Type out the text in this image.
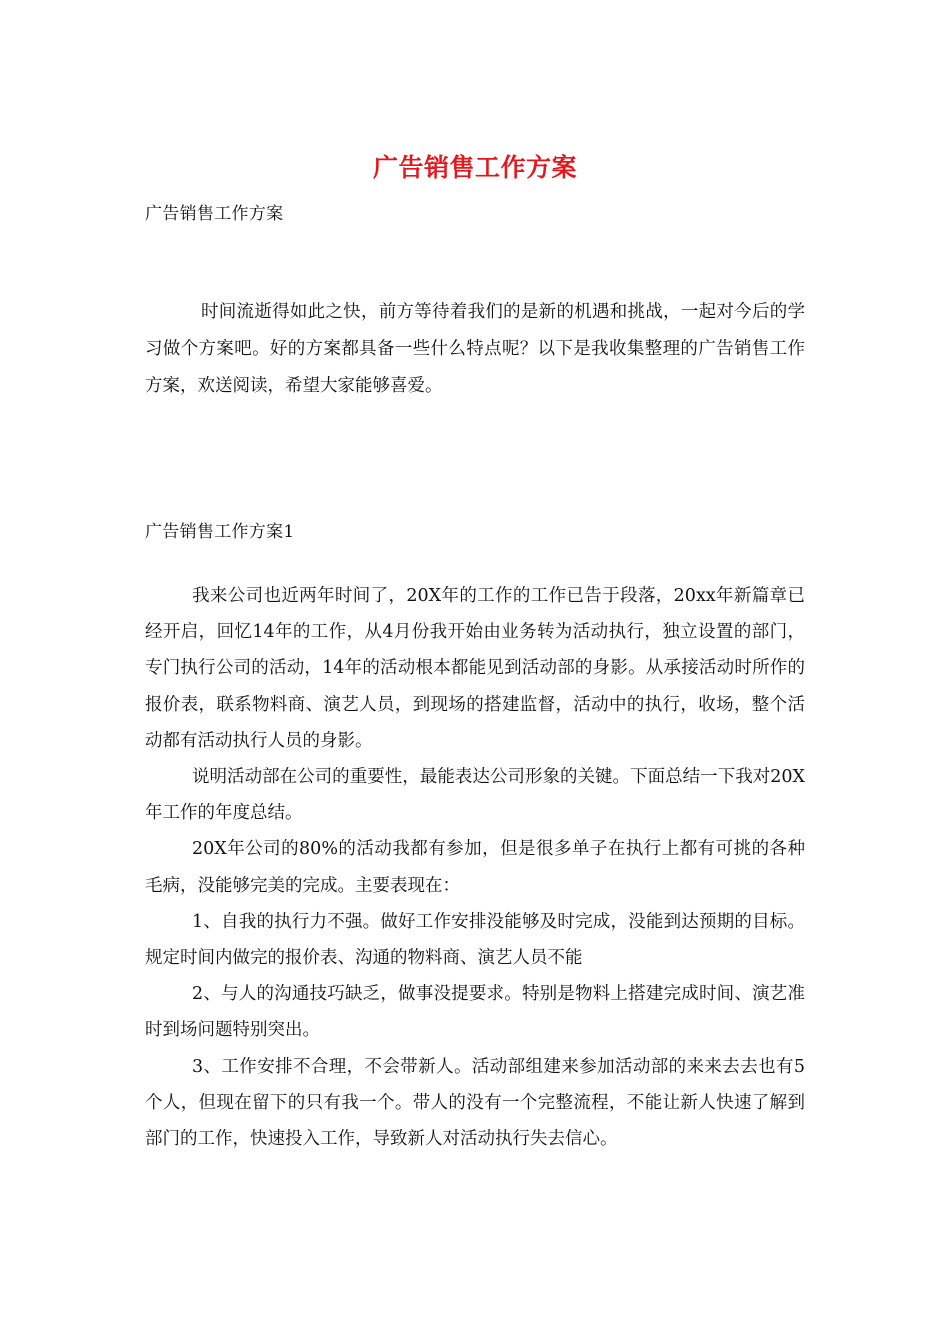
广告销售工作方案
广告销售工作方案
时间流逝得如此之快，前方等待着我们的是新的机遇和挑战，一起对今后的学习做个方案吧。好的方案都具备一些什么特点呢？以下是我收集整理的广告销售工作方案，欢送阅读，希望大家能够喜爱。
广告销售工作方案1

我来公司也近两年时间了，20X年的工作的工作已告于段落，20xx年新篇章已经开启，回忆14年的工作，从4月份我开始由业务转为活动执行，独立设置的部门，专门执行公司的活动，14年的活动根本都能见到活动部的身影。从承接活动时所作的报价表，联系物料商、演艺人员，到现场的搭建监督，活动中的执行，收场，整个活动都有活动执行人员的身影。

说明活动部在公司的重要性，最能表达公司形象的关键。下面总结一下我对20X年工作的年度总结。

20X年公司的80%的活动我都有参加，但是很多单子在执行上都有可挑的各种毛病，没能够完美的完成。主要表现在：

1、自我的执行力不强。做好工作安排没能够及时完成，没能到达预期的目标。规定时间内做完的报价表、沟通的物料商、演艺人员不能

2、与人的沟通技巧缺乏，做事没提要求。特别是物料上搭建完成时间、演艺准时到场问题特别突出。

3、工作安排不合理，不会带新人。活动部组建来参加活动部的来来去去也有5个人，但现在留下的只有我一个。带人的没有一个完整流程，不能让新人快速了解到部门的工作，快速投入工作，导致新人对活动执行失去信心。
